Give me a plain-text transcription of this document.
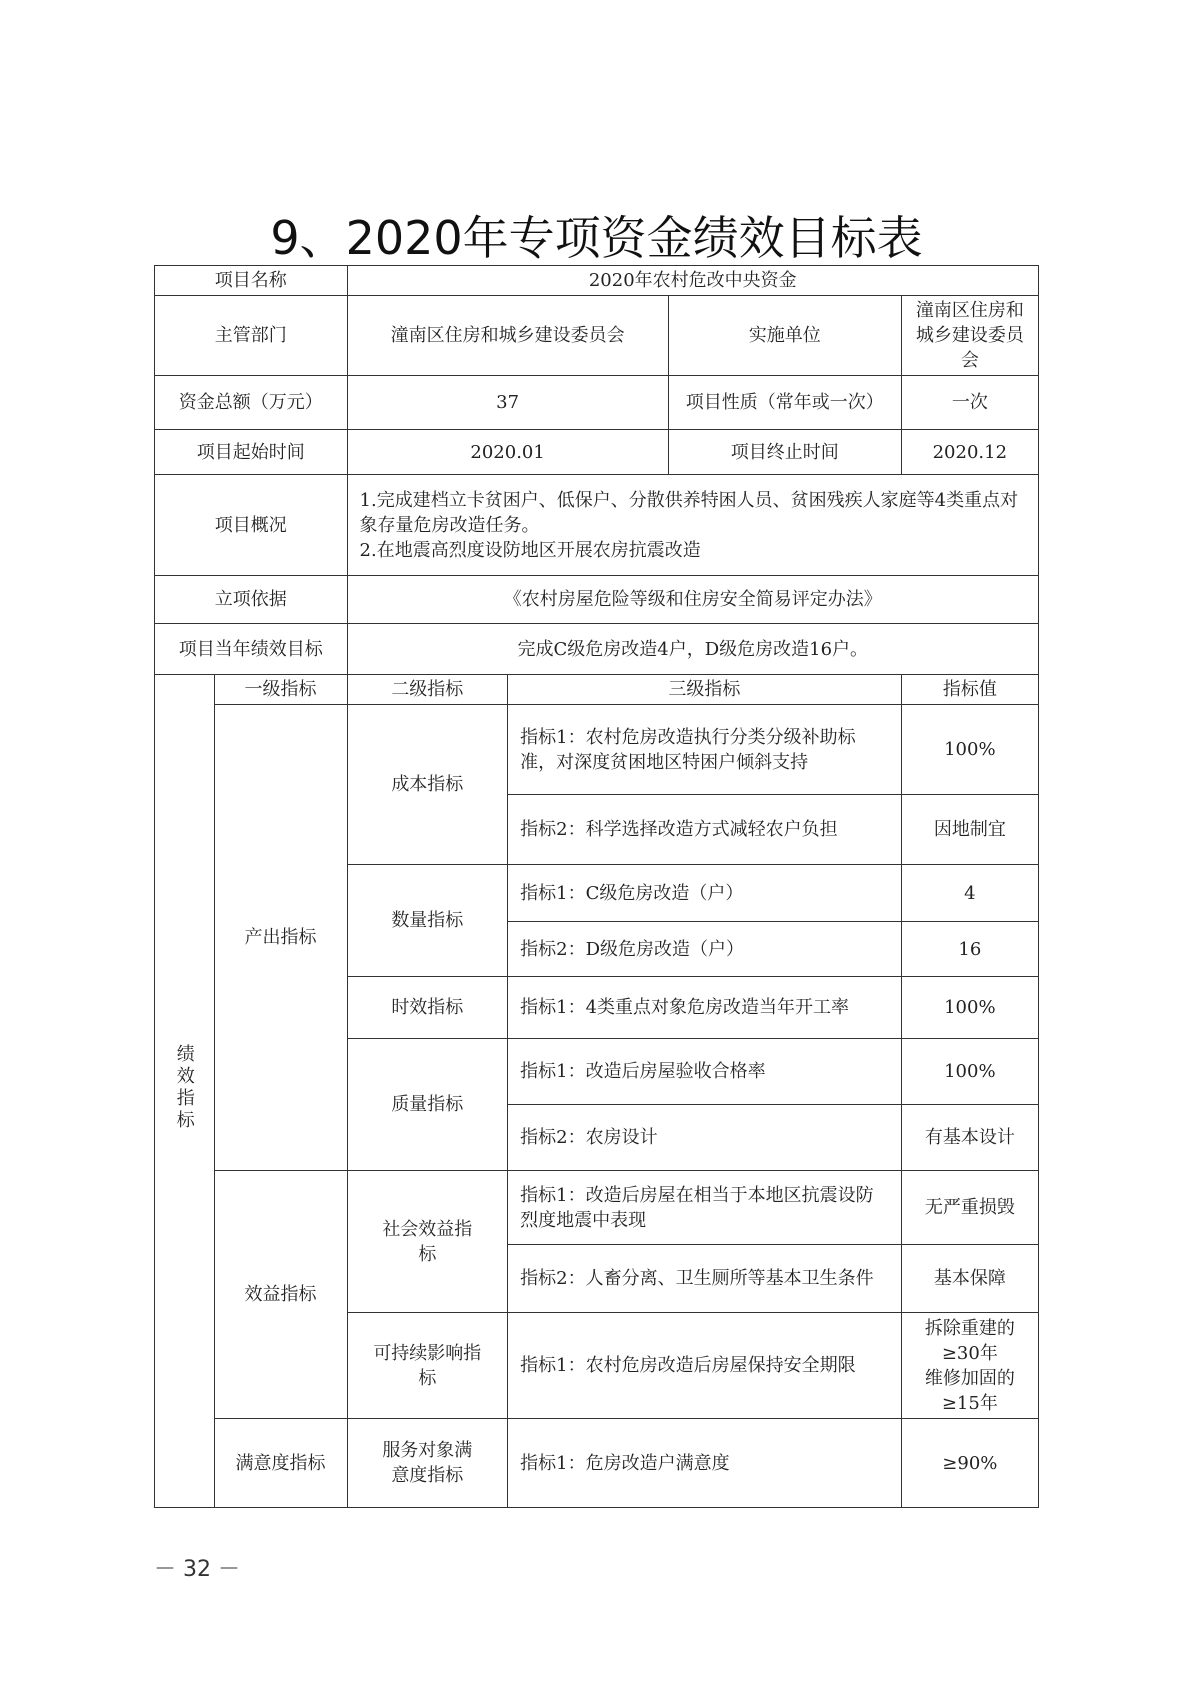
9、2020年专项资金绩效目标表
项目名称		2020年农村危改中央资金			
主管部门		潼南区住房和城乡建设委员会		实施单位	潼南区住房和城乡建设委员会
资金总额（万元）		37		项目性质（常年或一次）	一次
项目起始时间		2020.01		项目终止时间	2020.12
项目概况		1.完成建档立卡贫困户、低保户、分散供养特困人员、贫困残疾人家庭等4类重点对象存量危房改造任务。
2.在地震高烈度设防地区开展农房抗震改造			

立项依据		《农村房屋危险等级和住房安全简易评定办法》			
项目当年绩效目标		完成C级危房改造4户，D级危房改造16户。			
绩效指标	一级指标	二级指标	三级指标		指标值
	产出指标	成本指标	指标1：农村危房改造执行分类分级补助标准，对深度贫困地区特困户倾斜支持		100%
			指标2：科学选择改造方式减轻农户负担		因地制宜
		数量指标	指标1：C级危房改造（户）		4
			指标2：D级危房改造（户）		16
		时效指标	指标1：4类重点对象危房改造当年开工率		100%
		质量指标	指标1：改造后房屋验收合格率		100%
			指标2：农房设计		有基本设计
	效益指标	社会效益指标	指标1：改造后房屋在相当于本地区抗震设防烈度地震中表现		无严重损毁
			指标2：人畜分离、卫生厕所等基本卫生条件		基本保障

		可持续影响指标	指标1：农村危房改造后房屋保持安全期限		拆除重建的≥30年
维修加固的≥15年

	满意度指标	服务对象满意度指标	指标1：危房改造户满意度		≥90%
－ 32 －
